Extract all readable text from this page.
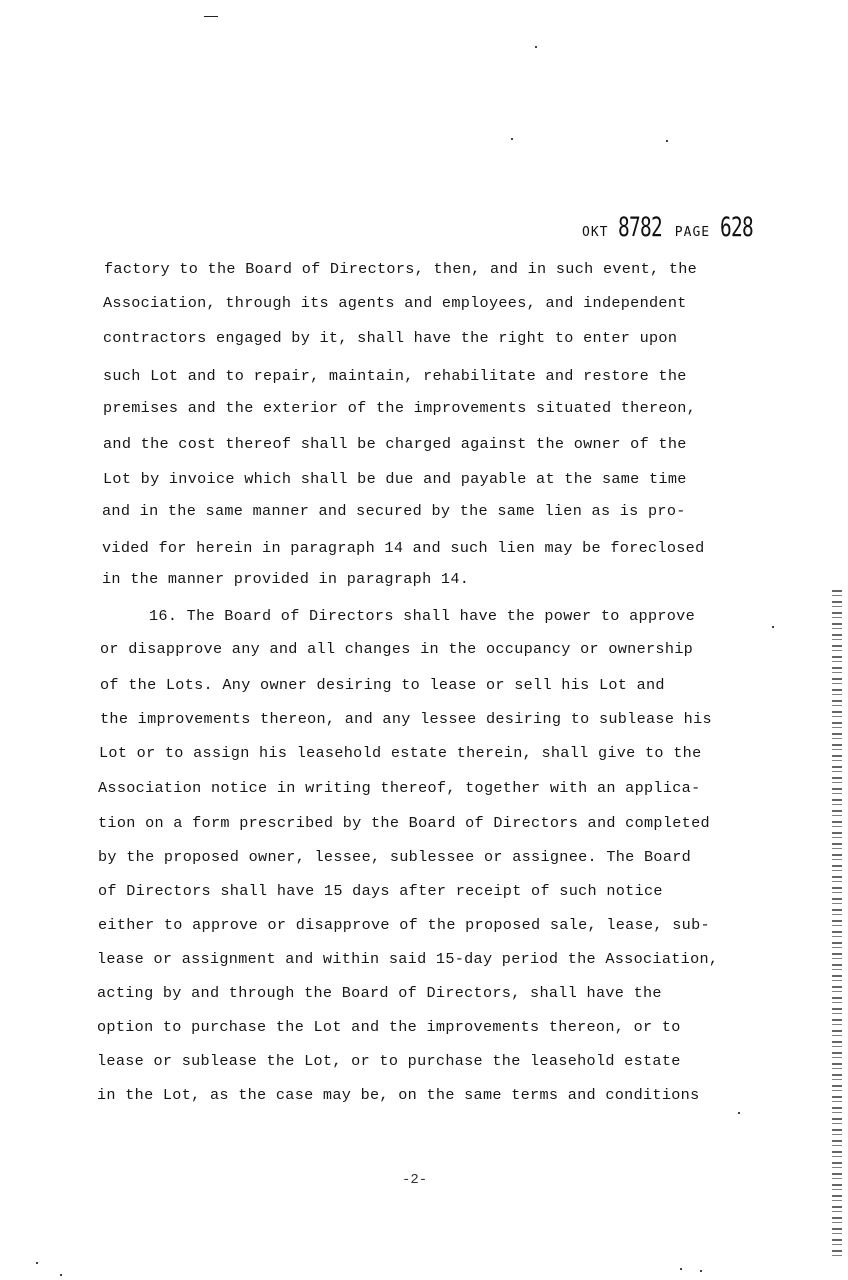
OKT 8782 PAGE 628
factory to the Board of Directors, then, and in such event, the
Association, through its agents and employees, and independent
contractors engaged by it, shall have the right to enter upon
such Lot and to repair, maintain, rehabilitate and restore the
premises and the exterior of the improvements situated thereon,
and the cost thereof shall be charged against the owner of the
Lot by invoice which shall be due and payable at the same time
and in the same manner and secured by the same lien as is pro-
vided for herein in paragraph 14 and such lien may be foreclosed
in the manner provided in paragraph 14.
16. The Board of Directors shall have the power to approve
or disapprove any and all changes in the occupancy or ownership
of the Lots. Any owner desiring to lease or sell his Lot and
the improvements thereon, and any lessee desiring to sublease his
Lot or to assign his leasehold estate therein, shall give to the
Association notice in writing thereof, together with an applica-
tion on a form prescribed by the Board of Directors and completed
by the proposed owner, lessee, sublessee or assignee. The Board
of Directors shall have 15 days after receipt of such notice
either to approve or disapprove of the proposed sale, lease, sub-
lease or assignment and within said 15-day period the Association,
acting by and through the Board of Directors, shall have the
option to purchase the Lot and the improvements thereon, or to
lease or sublease the Lot, or to purchase the leasehold estate
in the Lot, as the case may be, on the same terms and conditions
-2-
